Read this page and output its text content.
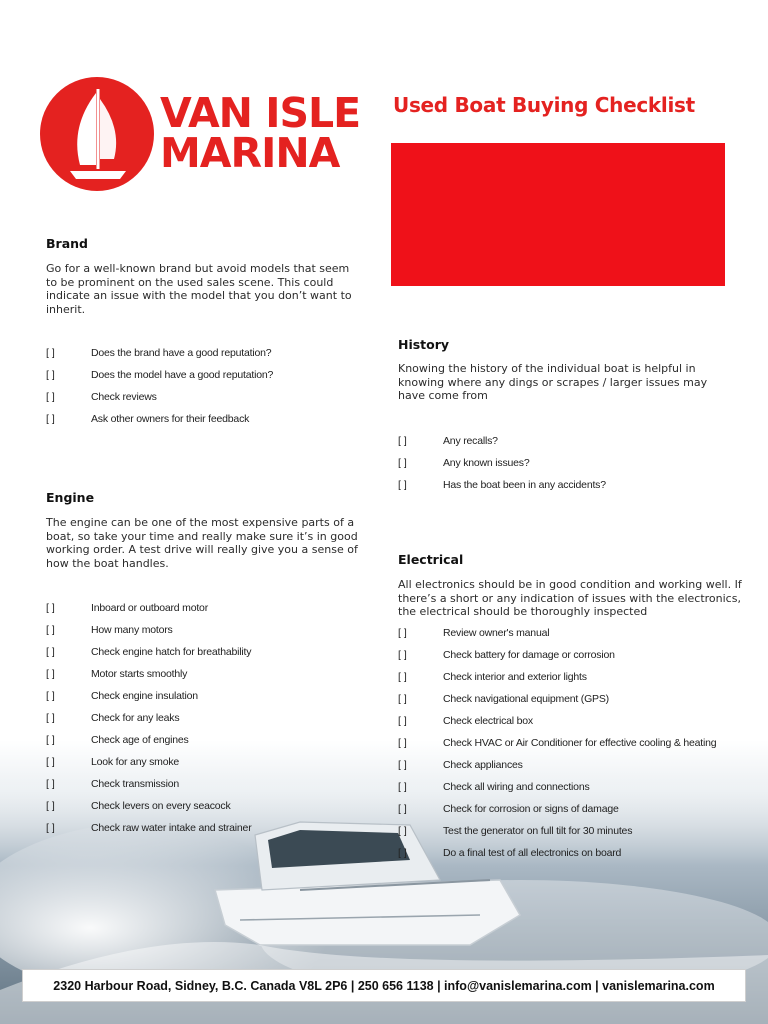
VAN ISLE
MARINA
Used Boat Buying Checklist
Brand
Go for a well-known brand but avoid models that seem to be prominent on the used sales scene. This could indicate an issue with the model that you don’t want to inherit.
[ ]	Does the brand have a good reputation?
[ ]	Does the model have a good reputation?
[ ]	Check reviews
[ ]	Ask other owners for their feedback
Engine
The engine can be one of the most expensive parts of a boat, so take your time and really make sure it’s in good working order. A test drive will really give you a sense of how the boat handles.
[ ]	Inboard or outboard motor
[ ]	How many motors
[ ]	Check engine hatch for breathability
[ ]	Motor starts smoothly
[ ]	Check engine insulation
[ ]	Check for any leaks
[ ]	Check age of engines
[ ]	Look for any smoke
[ ]	Check transmission
[ ]	Check levers on every seacock
[ ]	Check raw water intake and strainer
History
Knowing the history of the individual boat is helpful in knowing where any dings or scrapes / larger issues may have come from
[ ]	Any recalls?
[ ]	Any known issues?
[ ]	Has the boat been in any accidents?
Electrical
All electronics should be in good condition and working well. If there’s a short or any indication of issues with the electronics, the electrical should be thoroughly inspected
[ ]	Review owner's manual
[ ]	Check battery for damage or corrosion
[ ]	Check interior and exterior lights
[ ]	Check navigational equipment (GPS)
[ ]	Check electrical box
[ ]	Check HVAC or Air Conditioner for effective cooling & heating
[ ]	Check appliances
[ ]	Check all wiring and connections
[ ]	Check for corrosion or signs of damage
[ ]	Test the generator on full tilt for 30 minutes
[ ]	Do a final test of all electronics on board
2320 Harbour Road, Sidney, B.C. Canada V8L 2P6 | 250 656 1138 | info@vanislemarina.com | vanislemarina.com
